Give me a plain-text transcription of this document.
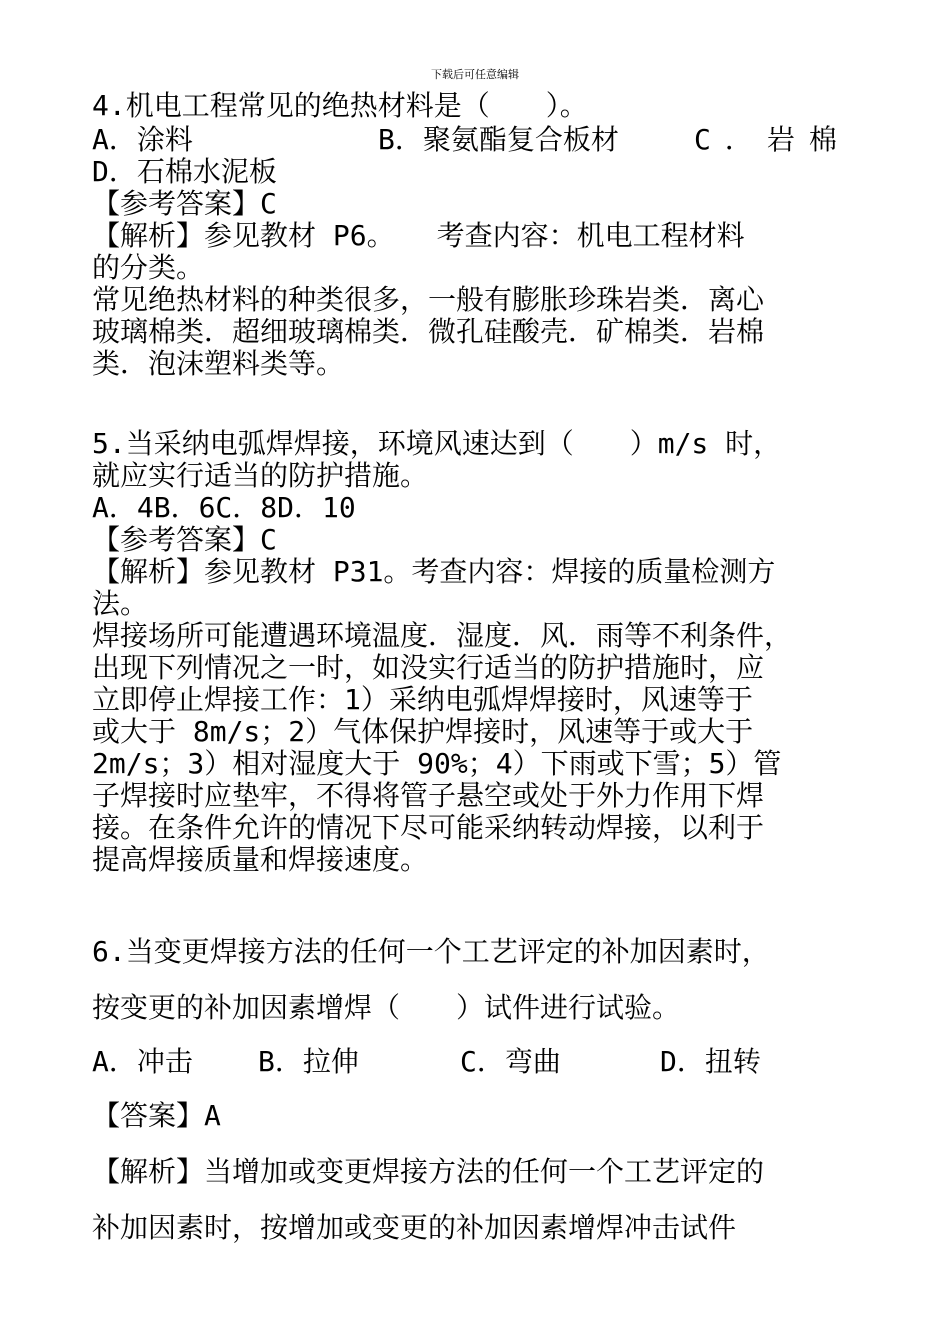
下载后可任意编辑
4.机电工程常见的绝热材料是（　　）。
A．涂料	B．聚氨酯复合板材	C．岩棉
D．石棉水泥板
【参考答案】C
【解析】参见教材 P6。　　考查内容：机电工程材料
的分类。
常见绝热材料的种类很多，一般有膨胀珍珠岩类．离心
玻璃棉类．超细玻璃棉类．微孔硅酸壳．矿棉类．岩棉
类．泡沫塑料类等。
5.当采纳电弧焊焊接，环境风速达到（　　）m/s 时，
就应实行适当的防护措施。
A．4B．6C．8D．10
【参考答案】C
【解析】参见教材 P31。考查内容：焊接的质量检测方
法。
焊接场所可能遭遇环境温度．湿度．风．雨等不利条件，
出现下列情况之一时，如没实行适当的防护措施时，应
立即停止焊接工作：1）采纳电弧焊焊接时，风速等于
或大于 8m/s；2）气体保护焊接时，风速等于或大于
2m/s；3）相对湿度大于 90%；4）下雨或下雪；5）管
子焊接时应垫牢，不得将管子悬空或处于外力作用下焊
接。在条件允许的情况下尽可能采纳转动焊接，以利于
提高焊接质量和焊接速度。
6.当变更焊接方法的任何一个工艺评定的补加因素时，
按变更的补加因素增焊（　　）试件进行试验。
A．冲击 B．拉伸	C．弯曲	D．扭转
【答案】A
【解析】当增加或变更焊接方法的任何一个工艺评定的
补加因素时，按增加或变更的补加因素增焊冲击试件
